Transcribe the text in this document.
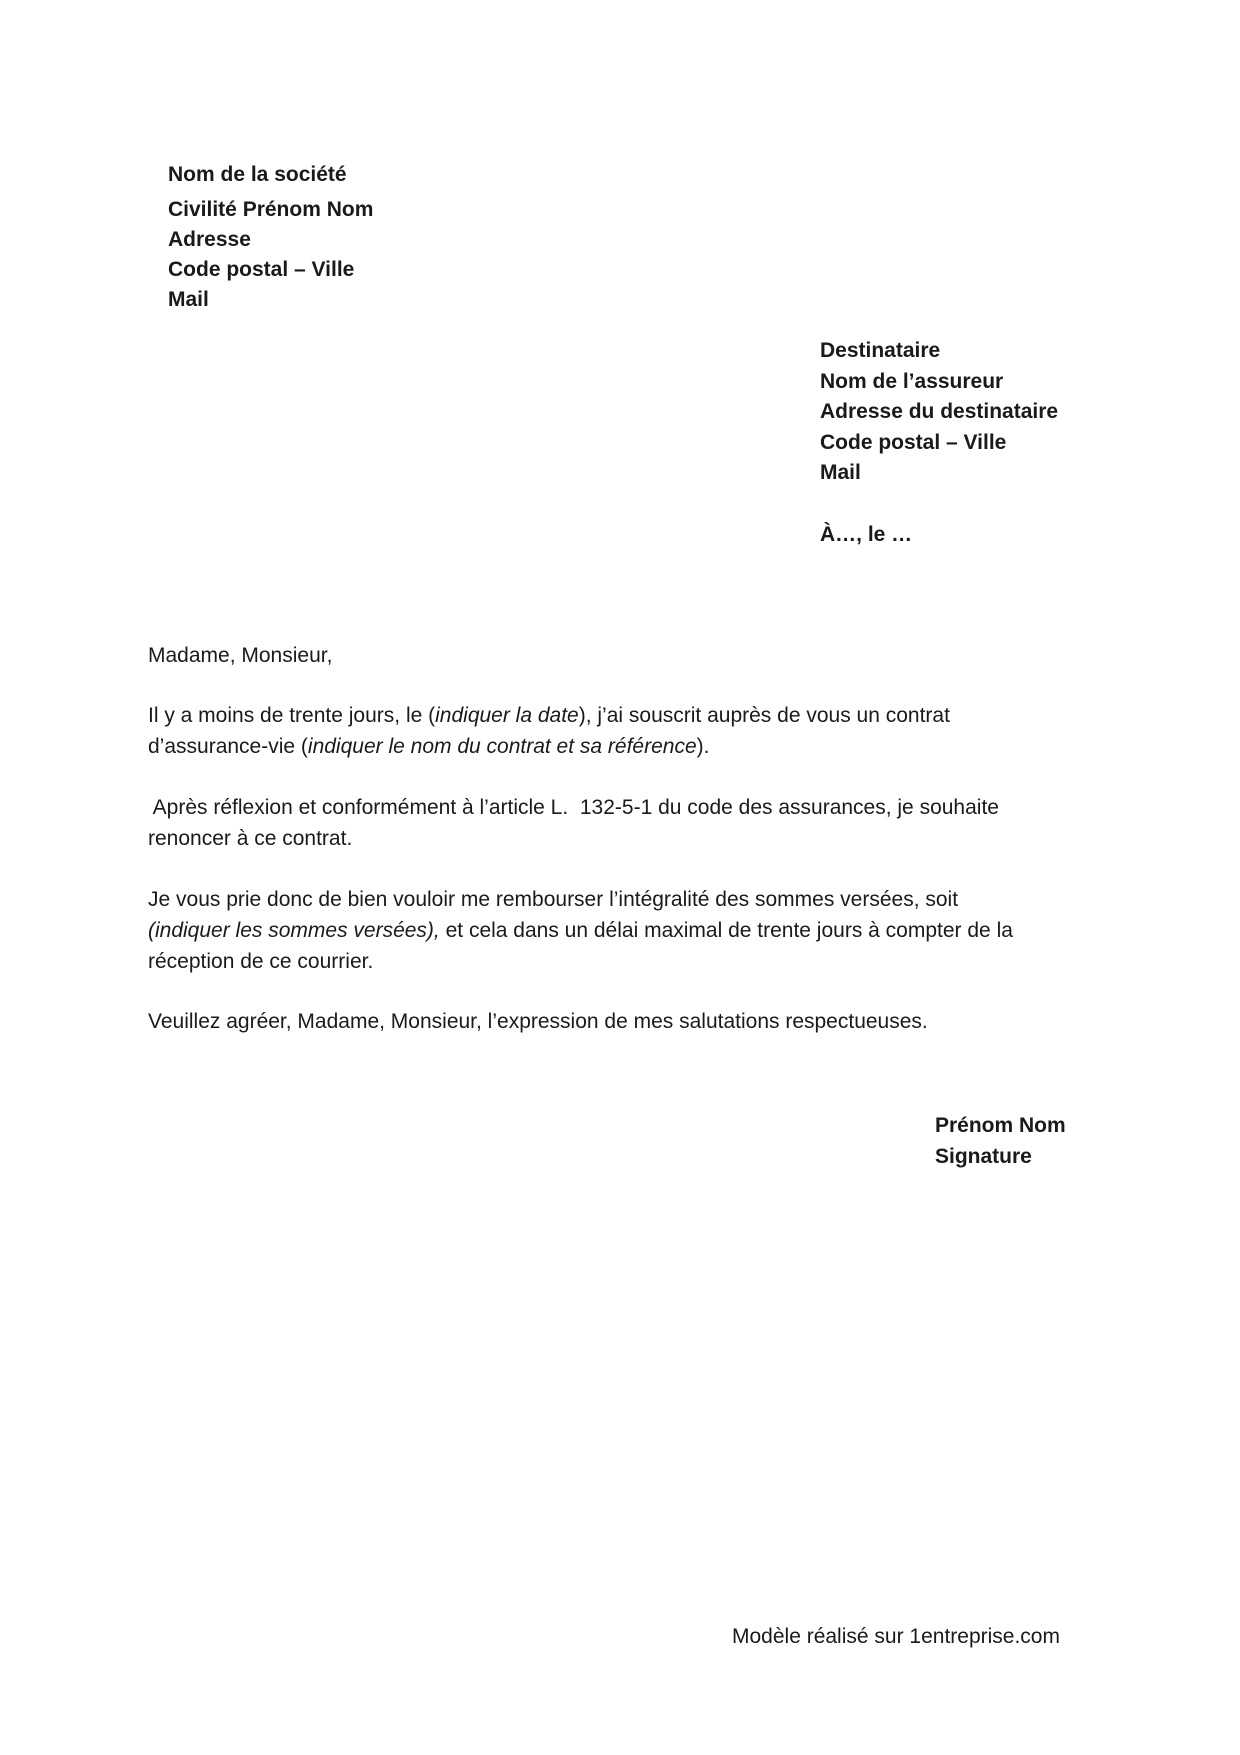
Nom de la société
Civilité Prénom Nom
Adresse
Code postal – Ville
Mail
Destinataire
Nom de l’assureur
Adresse du destinataire
Code postal – Ville
Mail
À…, le …
Madame, Monsieur,
Il y a moins de trente jours, le (indiquer la date), j’ai souscrit auprès de vous un contrat
d’assurance-vie (indiquer le nom du contrat et sa référence).
Après réflexion et conformément à l’article L.  132-5-1 du code des assurances, je souhaite
renoncer à ce contrat.
Je vous prie donc de bien vouloir me rembourser l’intégralité des sommes versées, soit
(indiquer les sommes versées), et cela dans un délai maximal de trente jours à compter de la
réception de ce courrier.
Veuillez agréer, Madame, Monsieur, l’expression de mes salutations respectueuses.
Prénom Nom
Signature
Modèle réalisé sur 1entreprise.com
